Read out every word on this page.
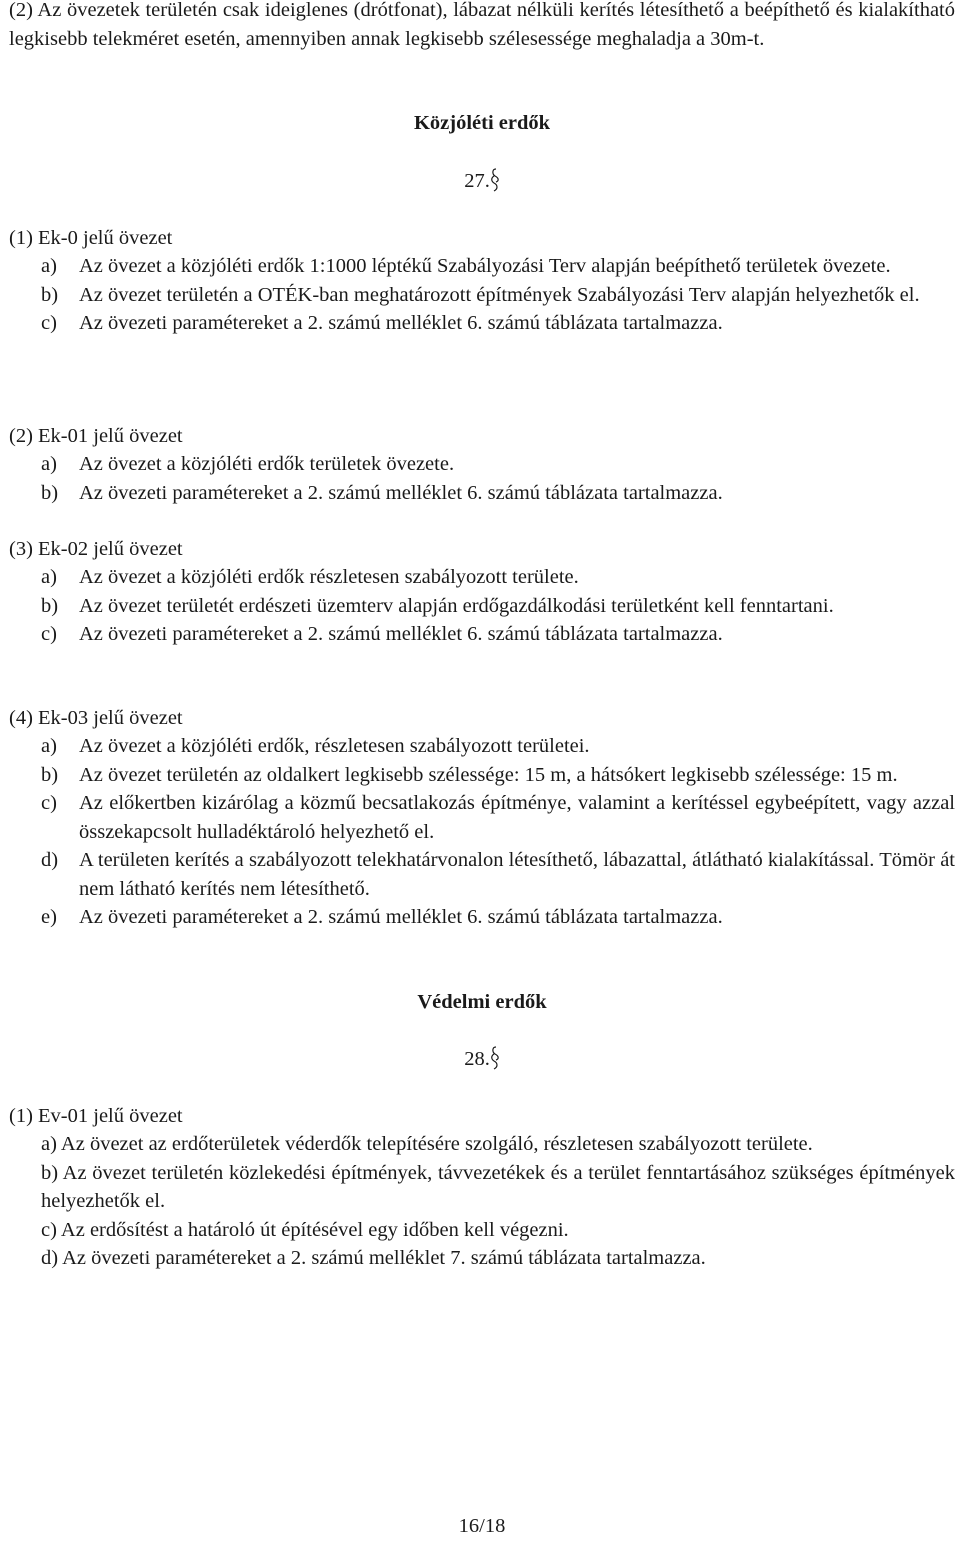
(2) Az övezetek területén csak ideiglenes (drótfonat), lábazat nélküli kerítés létesíthető a beépíthető és kialakítható legkisebb telekméret esetén, amennyiben annak legkisebb szélesessége meghaladja a 30m-t.

Közjóléti erdők
27.
(1) Ek-0 jelű övezet
a) Az övezet a közjóléti erdők 1:1000 léptékű Szabályozási Terv alapján beépíthető területek övezete.
b) Az övezet területén a OTÉK-ban meghatározott építmények Szabályozási Terv alapján helyezhetők el.
c) Az övezeti paramétereket a 2. számú melléklet 6. számú táblázata tartalmazza.
(2) Ek-01 jelű övezet
a) Az övezet a közjóléti erdők területek övezete.
b) Az övezeti paramétereket a 2. számú melléklet 6. számú táblázata tartalmazza.
(3) Ek-02 jelű övezet
a) Az övezet a közjóléti erdők részletesen szabályozott területe.
b) Az övezet területét erdészeti üzemterv alapján erdőgazdálkodási területként kell fenntartani.
c) Az övezeti paramétereket a 2. számú melléklet 6. számú táblázata tartalmazza.
(4) Ek-03 jelű övezet
a) Az övezet a közjóléti erdők, részletesen szabályozott területei.
b) Az övezet területén az oldalkert legkisebb szélessége: 15 m, a hátsókert legkisebb szélessége: 15 m.
c) Az előkertben kizárólag a közmű becsatlakozás építménye, valamint a kerítéssel egybeépített, vagy azzal összekapcsolt hulladéktároló helyezhető el.
d) A területen kerítés a szabályozott telekhatárvonalon létesíthető, lábazattal, átlátható kialakítással. Tömör át nem látható kerítés nem létesíthető.
e) Az övezeti paramétereket a 2. számú melléklet 6. számú táblázata tartalmazza.
Védelmi erdők
28.
(1) Ev-01 jelű övezet
a) Az övezet az erdőterületek véderdők telepítésére szolgáló, részletesen szabályozott területe.
b) Az övezet területén közlekedési építmények, távvezetékek és a terület fenntartásához szükséges építmények helyezhetők el.
c) Az erdősítést a határoló út építésével egy időben kell végezni.
d) Az övezeti paramétereket a 2. számú melléklet 7. számú táblázata tartalmazza.
16/18
